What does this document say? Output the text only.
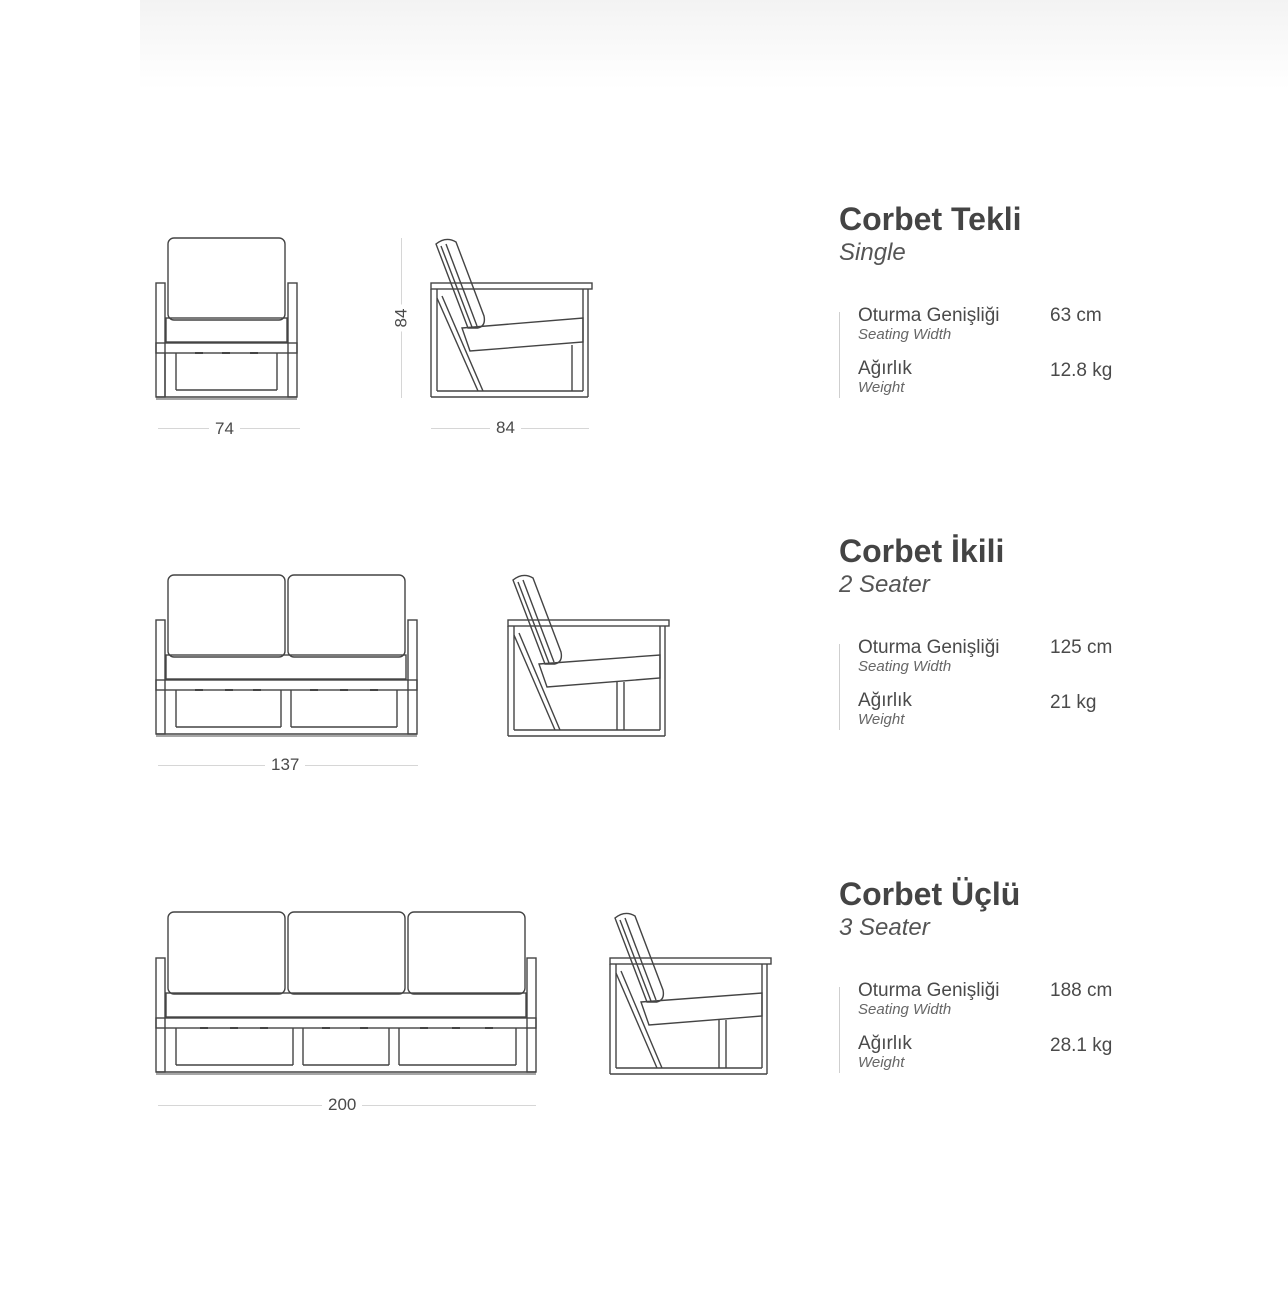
74
84
84
Corbet Tekli
Single
Oturma Genişliği
Seating Width
63 cm
Ağırlık
Weight
12.8 kg
137
Corbet İkili
2 Seater
Oturma Genişliği
Seating Width
125 cm
Ağırlık
Weight
21 kg
200
Corbet Üçlü
3 Seater
Oturma Genişliği
Seating Width
188 cm
Ağırlık
Weight
28.1 kg
